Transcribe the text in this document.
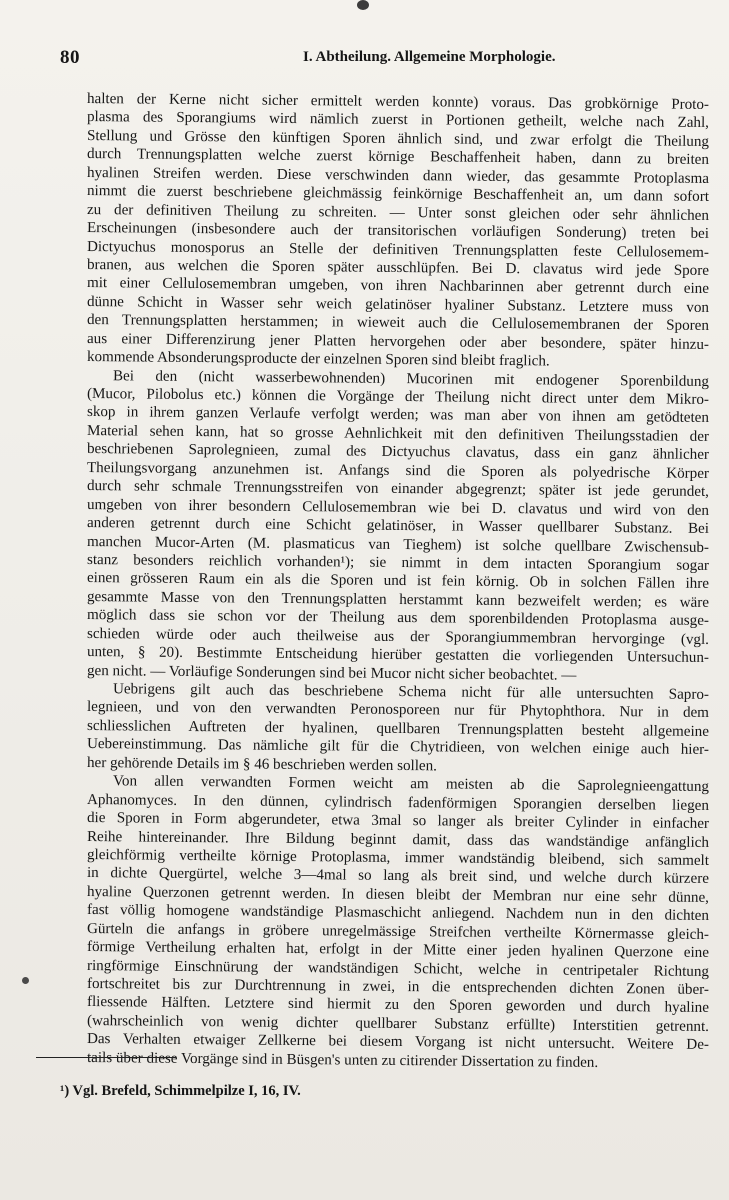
80	I. Abtheilung. Allgemeine Morphologie.
halten der Kerne nicht sicher ermittelt werden konnte) voraus. Das grobkörnige Proto-
plasma des Sporangiums wird nämlich zuerst in Portionen getheilt, welche nach Zahl,
Stellung und Grösse den künftigen Sporen ähnlich sind, und zwar erfolgt die Theilung
durch Trennungsplatten welche zuerst körnige Beschaffenheit haben, dann zu breiten
hyalinen Streifen werden. Diese verschwinden dann wieder, das gesammte Protoplasma
nimmt die zuerst beschriebene gleichmässig feinkörnige Beschaffenheit an, um dann sofort
zu der definitiven Theilung zu schreiten. — Unter sonst gleichen oder sehr ähnlichen
Erscheinungen (insbesondere auch der transitorischen vorläufigen Sonderung) treten bei
Dictyuchus monosporus an Stelle der definitiven Trennungsplatten feste Cellulosemem-
branen, aus welchen die Sporen später ausschlüpfen. Bei D. clavatus wird jede Spore
mit einer Cellulosemembran umgeben, von ihren Nachbarinnen aber getrennt durch eine
dünne Schicht in Wasser sehr weich gelatinöser hyaliner Substanz. Letztere muss von
den Trennungsplatten herstammen; in wieweit auch die Cellulosemembranen der Sporen
aus einer Differenzirung jener Platten hervorgehen oder aber besondere, später hinzu-
kommende Absonderungsproducte der einzelnen Sporen sind bleibt fraglich.
Bei den (nicht wasserbewohnenden) Mucorinen mit endogener Sporenbildung
(Mucor, Pilobolus etc.) können die Vorgänge der Theilung nicht direct unter dem Mikro-
skop in ihrem ganzen Verlaufe verfolgt werden; was man aber von ihnen am getödteten
Material sehen kann, hat so grosse Aehnlichkeit mit den definitiven Theilungsstadien der
beschriebenen Saprolegnieen, zumal des Dictyuchus clavatus, dass ein ganz ähnlicher
Theilungsvorgang anzunehmen ist. Anfangs sind die Sporen als polyedrische Körper
durch sehr schmale Trennungsstreifen von einander abgegrenzt; später ist jede gerundet,
umgeben von ihrer besondern Cellulosemembran wie bei D. clavatus und wird von den
anderen getrennt durch eine Schicht gelatinöser, in Wasser quellbarer Substanz. Bei
manchen Mucor-Arten (M. plasmaticus van Tieghem) ist solche quellbare Zwischensub-
stanz besonders reichlich vorhanden¹); sie nimmt in dem intacten Sporangium sogar
einen grösseren Raum ein als die Sporen und ist fein körnig. Ob in solchen Fällen ihre
gesammte Masse von den Trennungsplatten herstammt kann bezweifelt werden; es wäre
möglich dass sie schon vor der Theilung aus dem sporenbildenden Protoplasma ausge-
schieden würde oder auch theilweise aus der Sporangiummembran hervorginge (vgl.
unten, § 20). Bestimmte Entscheidung hierüber gestatten die vorliegenden Untersuchun-
gen nicht. — Vorläufige Sonderungen sind bei Mucor nicht sicher beobachtet. —
Uebrigens gilt auch das beschriebene Schema nicht für alle untersuchten Sapro-
legnieen, und von den verwandten Peronosporeen nur für Phytophthora. Nur in dem
schliesslichen Auftreten der hyalinen, quellbaren Trennungsplatten besteht allgemeine
Uebereinstimmung. Das nämliche gilt für die Chytridieen, von welchen einige auch hier-
her gehörende Details im § 46 beschrieben werden sollen.
Von allen verwandten Formen weicht am meisten ab die Saprolegnieengattung
Aphanomyces. In den dünnen, cylindrisch fadenförmigen Sporangien derselben liegen
die Sporen in Form abgerundeter, etwa 3mal so langer als breiter Cylinder in einfacher
Reihe hintereinander. Ihre Bildung beginnt damit, dass das wandständige anfänglich
gleichförmig vertheilte körnige Protoplasma, immer wandständig bleibend, sich sammelt
in dichte Quergürtel, welche 3—4mal so lang als breit sind, und welche durch kürzere
hyaline Querzonen getrennt werden. In diesen bleibt der Membran nur eine sehr dünne,
fast völlig homogene wandständige Plasmaschicht anliegend. Nachdem nun in den dichten
Gürteln die anfangs in gröbere unregelmässige Streifchen vertheilte Körnermasse gleich-
förmige Vertheilung erhalten hat, erfolgt in der Mitte einer jeden hyalinen Querzone eine
ringförmige Einschnürung der wandständigen Schicht, welche in centripetaler Richtung
fortschreitet bis zur Durchtrennung in zwei, in die entsprechenden dichten Zonen über-
fliessende Hälften. Letztere sind hiermit zu den Sporen geworden und durch hyaline
(wahrscheinlich von wenig dichter quellbarer Substanz erfüllte) Interstitien getrennt.
Das Verhalten etwaiger Zellkerne bei diesem Vorgang ist nicht untersucht. Weitere De-
tails über diese Vorgänge sind in Büsgen's unten zu citirender Dissertation zu finden.
¹) Vgl. Brefeld, Schimmelpilze I, 16, IV.
